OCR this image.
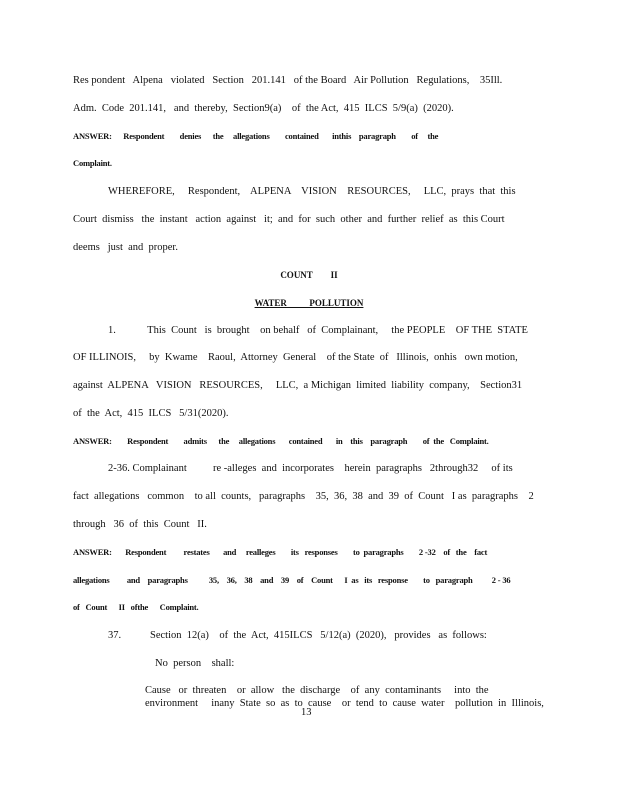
Res pondent   Alpena   violated   Section   201.141   of the Board   Air Pollution   Regulations,    35Ill.
Adm.  Code  201.141,   and  thereby,  Section9(a)    of  the Act,  415  ILCS  5/9(a)  (2020).
ANSWER:      Respondent        denies      the     allegations        contained       inthis    paragraph        of     the
Complaint.
WHEREFORE,     Respondent,    ALPENA    VISION    RESOURCES,     LLC,  prays  that  this
Court  dismiss   the  instant   action  against   it;  and  for  such  other  and  further  relief  as  this Court
deems   just  and  proper.
COUNT        II
WATER          POLLUTION
1.            This  Count   is  brought    on behalf   of  Complainant,     the PEOPLE    OF THE  STATE
OF ILLINOIS,     by  Kwame    Raoul,  Attorney  General    of the State  of   Illinois,  onhis   own motion,
against  ALPENA   VISION   RESOURCES,     LLC,  a Michigan  limited  liability  company,    Section31
of  the  Act,  415  ILCS   5/31(2020).
ANSWER:        Respondent        admits      the     allegations       contained       in    this    paragraph        of  the   Complaint.
2-36. Complainant          re -alleges  and  incorporates    herein  paragraphs   2through32     of its
fact  allegations   common    to all  counts,   paragraphs    35,  36,  38  and  39  of  Count   I as  paragraphs    2
through   36  of  this  Count   II.
ANSWER:       Respondent         restates       and     realleges        its   responses        to  paragraphs        2 -32    of   the    fact
allegations         and    paragraphs           35,    36,    38    and    39    of    Count      I  as   its   response        to   paragraph          2 - 36
of   Count      II   ofthe      Complaint.
37.           Section  12(a)    of  the  Act,  415ILCS   5/12(a)  (2020),   provides   as  follows:
No  person    shall:
Cause   or  threaten    or  allow   the  discharge    of  any  contaminants     into  the
environment     inany  State  so  as  to  cause    or  tend  to  cause  water    pollution  in  Illinois,
13
